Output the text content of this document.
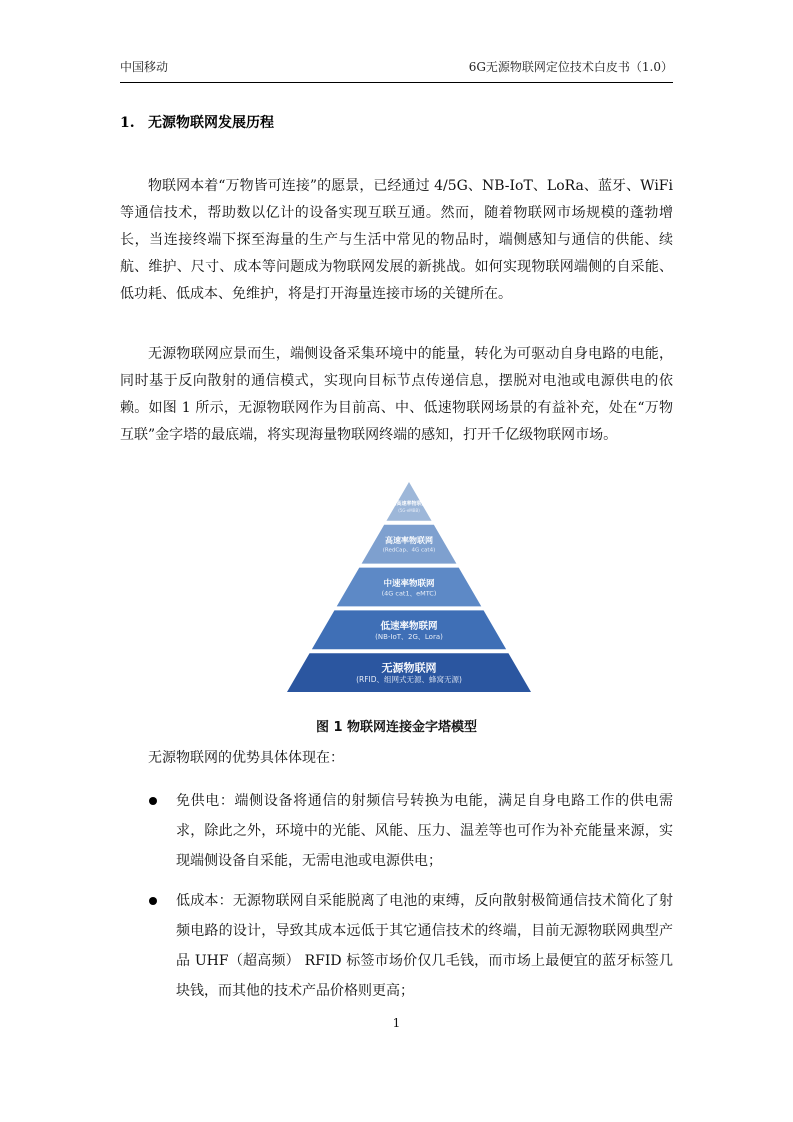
中国移动	6G无源物联网定位技术白皮书（1.0）
1. 无源物联网发展历程

物联网本着“万物皆可连接”的愿景，已经通过 4/5G、NB-IoT、LoRa、蓝牙、WiFi 等通信技术，帮助数以亿计的设备实现互联互通。然而，随着物联网市场规模的蓬勃增长，当连接终端下探至海量的生产与生活中常见的物品时，端侧感知与通信的供能、续航、维护、尺寸、成本等问题成为物联网发展的新挑战。如何实现物联网端侧的自采能、低功耗、低成本、免维护，将是打开海量连接市场的关键所在。

无源物联网应景而生，端侧设备采集环境中的能量，转化为可驱动自身电路的电能，同时基于反向散射的通信模式，实现向目标节点传递信息，摆脱对电池或电源供电的依赖。如图 1 所示，无源物联网作为目前高、中、低速物联网场景的有益补充，处在“万物互联”金字塔的最底端，将实现海量物联网终端的感知，打开千亿级物联网市场。

超高速率物联网
(5G-eMBB)
高速率物联网
(RedCap、4G cat4)
中速率物联网
(4G cat1、eMTC)
低速率物联网
(NB-IoT、2G、Lora)
无源物联网
(RFID、组网式无源、蜂窝无源)
图 1 物联网连接金字塔模型
无源物联网的优势具体体现在：
免供电：端侧设备将通信的射频信号转换为电能，满足自身电路工作的供电需求，除此之外，环境中的光能、风能、压力、温差等也可作为补充能量来源，实现端侧设备自采能，无需电池或电源供电；
低成本：无源物联网自采能脱离了电池的束缚，反向散射极简通信技术简化了射频电路的设计，导致其成本远低于其它通信技术的终端，目前无源物联网典型产品 UHF（超高频） RFID 标签市场价仅几毛钱，而市场上最便宜的蓝牙标签几块钱，而其他的技术产品价格则更高；
1
